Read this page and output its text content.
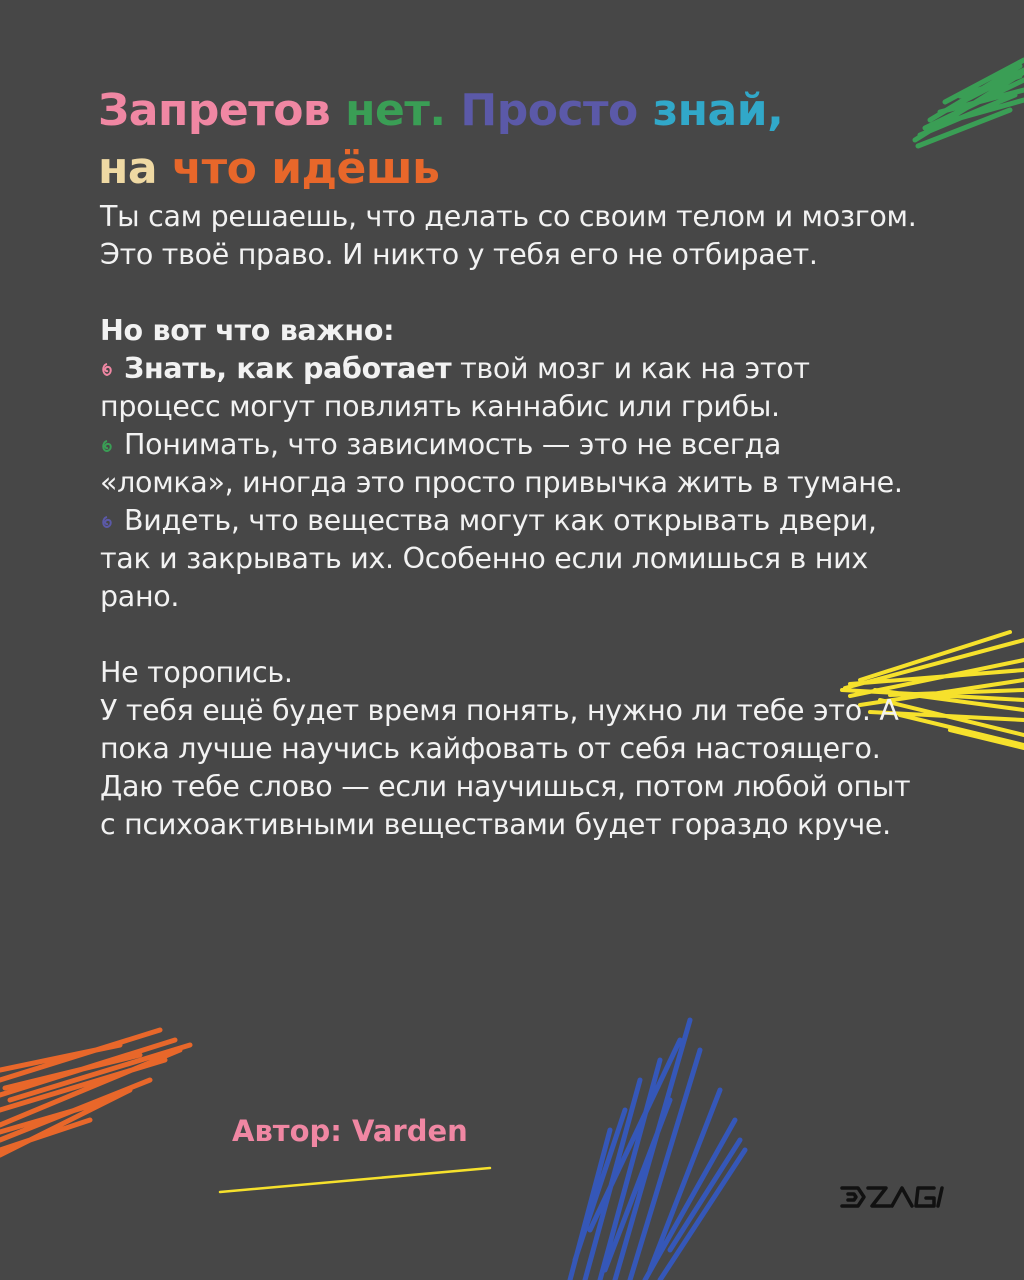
Запретов нет. Просто знай,
на что идёшь

Ты сам решаешь, что делать со своим телом и мозгом.

Это твоё право. И никто у тебя его не отбирает.

Но вот что важно:

Знать, как работает твой мозг и как на этот процесс могут повлиять каннабис или грибы.

Понимать, что зависимость — это не всегда «ломка», иногда это просто привычка жить в тумане.

Видеть, что вещества могут как открывать двери, так и закрывать их. Особенно если ломишься в них рано.

Не торопись.

У тебя ещё будет время понять, нужно ли тебе это. А пока лучше научись кайфовать от себя настоящего. Даю тебе слово — если научишься, потом любой опыт с психоактивными веществами будет гораздо круче.

Автор: Varden
